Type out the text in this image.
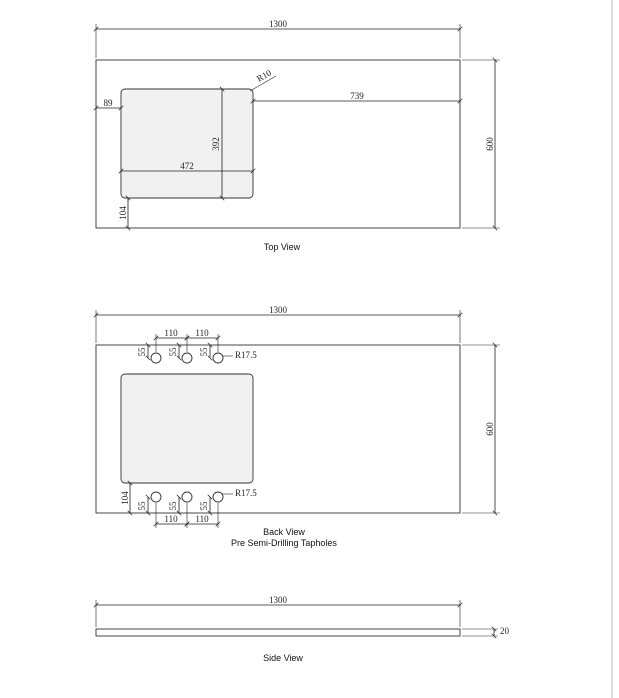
1300
600
89
739
R10
392
472
104
Top View
1300
600
110 110
55 55 55	R17.5
R17.5
104
55 55 55
110 110
Back View
Pre Semi-Drilling Tapholes
1300
20
Side View
